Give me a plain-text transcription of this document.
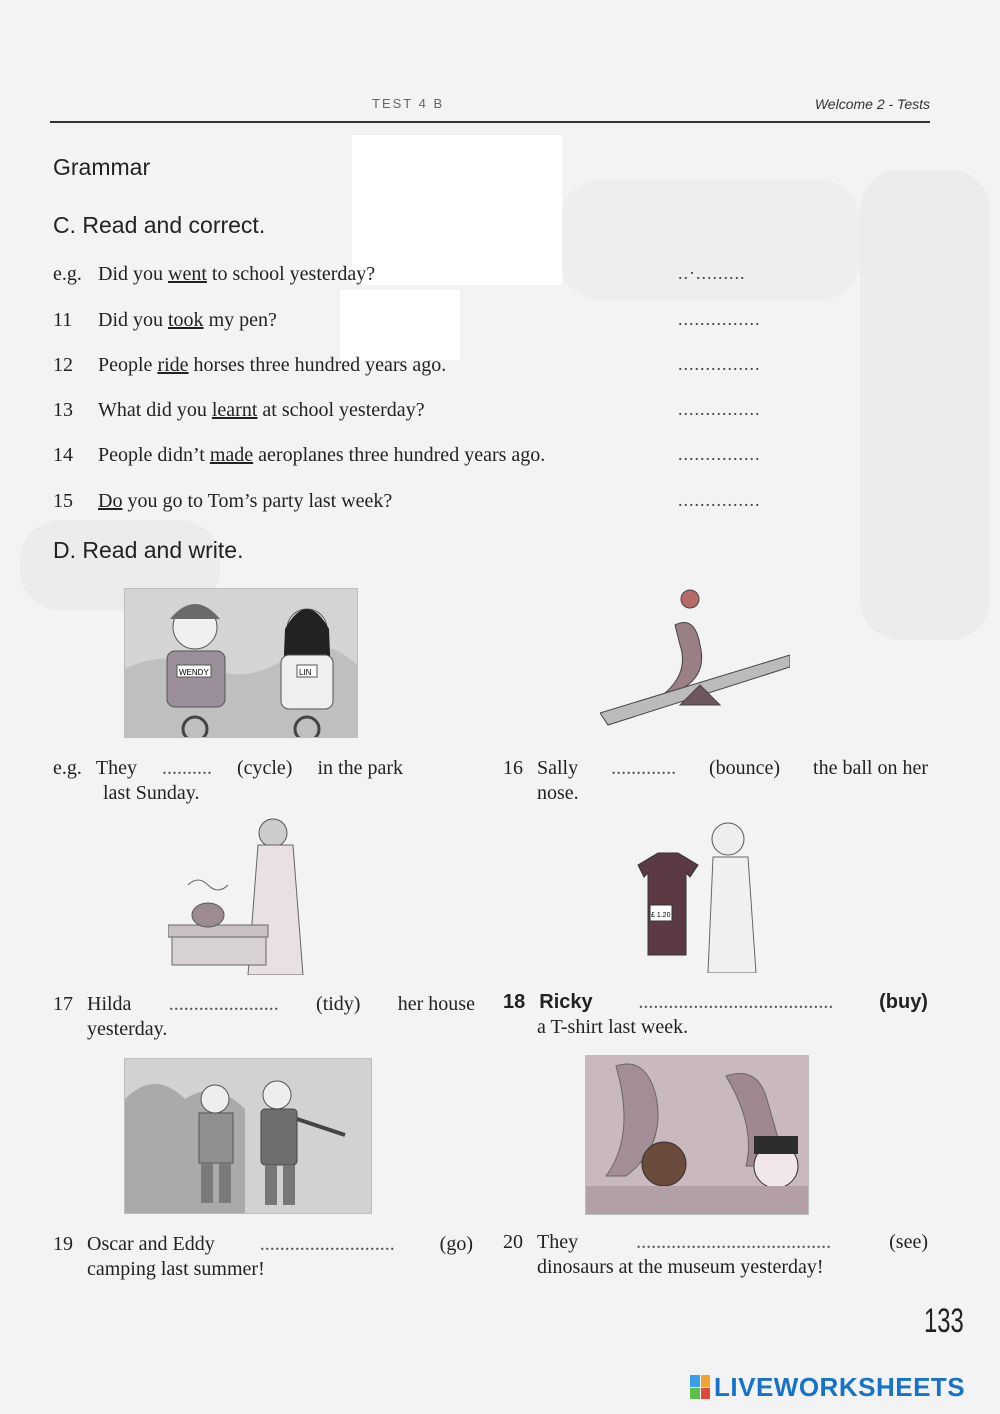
TEST 4 B	Welcome 2 - Tests
Grammar
C. Read and correct.
e.g. Did you went to school yesterday?	..·.........
11 Did you took my pen?	...............
12 People ride horses three hundred years ago.	...............
13 What did you learnt at school yesterday?	...............
14 People didn’t made aeroplanes three hundred years ago.	...............
15 Do you go to Tom’s party last week?	...............
D. Read and write.
WENDY	LIN
e.g. They .......... (cycle) in the park
last Sunday.
16 Sally ............. (bounce) the ball on her
nose.
17 Hilda ...................... (tidy) her house
yesterday.
18 Ricky ....................................... (buy)
a T-shirt last week.
19 Oscar and Eddy ........................... (go)
camping last summer!
20 They	.......................................	(see)
dinosaurs at the museum yesterday!
£ 1.20
133
LIVEWORKSHEETS
